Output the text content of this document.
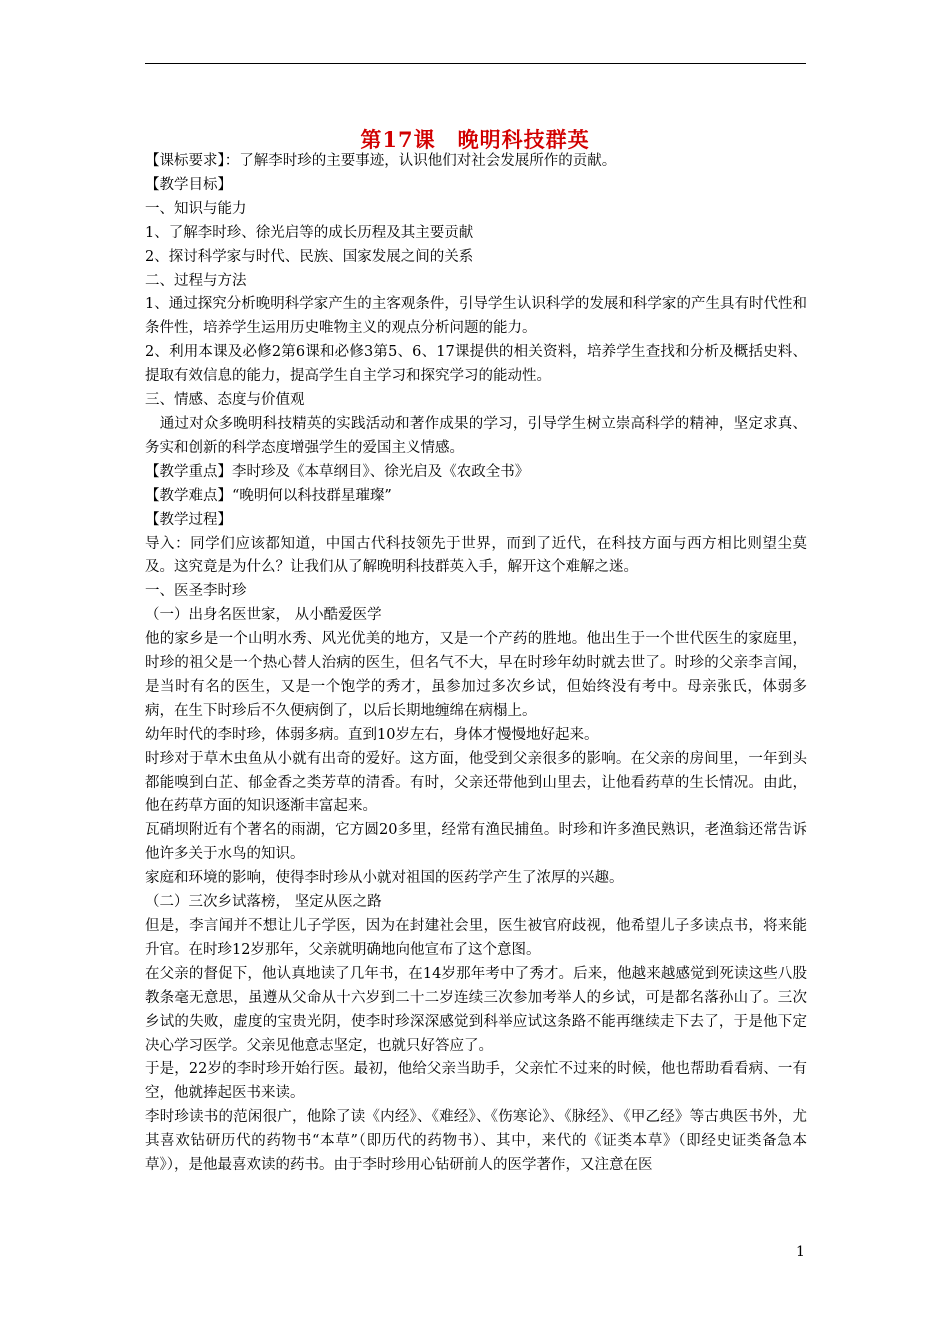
第17课　晚明科技群英

【课标要求】：了解李时珍的主要事迹，认识他们对社会发展所作的贡献。

【教学目标】

一、知识与能力

1、了解李时珍、徐光启等的成长历程及其主要贡献

2、探讨科学家与时代、民族、国家发展之间的关系

二、过程与方法

1、通过探究分析晚明科学家产生的主客观条件，引导学生认识科学的发展和科学家的产生具有时代性和条件性，培养学生运用历史唯物主义的观点分析问题的能力。

2、利用本课及必修2第6课和必修3第5、6、17课提供的相关资料，培养学生查找和分析及概括史料、提取有效信息的能力，提高学生自主学习和探究学习的能动性。

三、情感、态度与价值观

　通过对众多晚明科技精英的实践活动和著作成果的学习，引导学生树立崇高科学的精神，坚定求真、务实和创新的科学态度增强学生的爱国主义情感。

【教学重点】李时珍及《本草纲目》、徐光启及《农政全书》

【教学难点】“晚明何以科技群星璀璨”

【教学过程】

导入：同学们应该都知道，中国古代科技领先于世界，而到了近代，在科技方面与西方相比则望尘莫及。这究竟是为什么？让我们从了解晚明科技群英入手，解开这个难解之迷。

一、医圣李时珍

（一）出身名医世家， 从小酷爱医学

他的家乡是一个山明水秀、风光优美的地方，又是一个产药的胜地。他出生于一个世代医生的家庭里，时珍的祖父是一个热心替人治病的医生，但名气不大，早在时珍年幼时就去世了。时珍的父亲李言闻，是当时有名的医生，又是一个饱学的秀才，虽参加过多次乡试，但始终没有考中。母亲张氏，体弱多病，在生下时珍后不久便病倒了，以后长期地缠绵在病榻上。

幼年时代的李时珍，体弱多病。直到10岁左右，身体才慢慢地好起来。

时珍对于草木虫鱼从小就有出奇的爱好。这方面，他受到父亲很多的影响。在父亲的房间里，一年到头都能嗅到白芷、郁金香之类芳草的清香。有时，父亲还带他到山里去，让他看药草的生长情况。由此，他在药草方面的知识逐渐丰富起来。

瓦硝坝附近有个著名的雨湖，它方圆20多里，经常有渔民捕鱼。时珍和许多渔民熟识，老渔翁还常告诉他许多关于水鸟的知识。

家庭和环境的影响，使得李时珍从小就对祖国的医药学产生了浓厚的兴趣。

（二）三次乡试落榜， 坚定从医之路

但是，李言闻并不想让儿子学医，因为在封建社会里，医生被官府歧视，他希望儿子多读点书，将来能升官。在时珍12岁那年，父亲就明确地向他宣布了这个意图。

在父亲的督促下，他认真地读了几年书，在14岁那年考中了秀才。后来，他越来越感觉到死读这些八股教条毫无意思，虽遵从父命从十六岁到二十二岁连续三次参加考举人的乡试，可是都名落孙山了。三次乡试的失败，虚度的宝贵光阴，使李时珍深深感觉到科举应试这条路不能再继续走下去了，于是他下定决心学习医学。父亲见他意志坚定，也就只好答应了。

于是，22岁的李时珍开始行医。最初，他给父亲当助手，父亲忙不过来的时候，他也帮助看看病、一有空，他就捧起医书来读。

李时珍读书的范闲很广，他除了读《内经》、《难经》、《伤寒论》、《脉经》、《甲乙经》等古典医书外，尤其喜欢钻研历代的药物书“本草”（即历代的药物书）、其中，来代的《证类本草》（即经史证类备急本草》），是他最喜欢读的药书。由于李时珍用心钻研前人的医学著作，又注意在医

1
